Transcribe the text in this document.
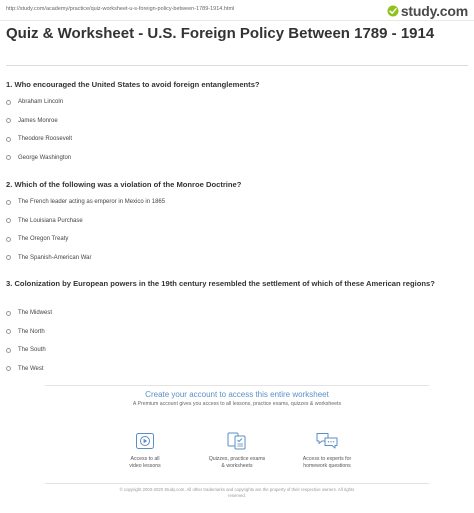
http://study.com/academy/practice/quiz-worksheet-u-s-foreign-policy-between-1789-1914.html	study.com
Quiz & Worksheet - U.S. Foreign Policy Between 1789 - 1914
1. Who encouraged the United States to avoid foreign entanglements?
Abraham Lincoln
James Monroe
Theodore Roosevelt
George Washington
2. Which of the following was a violation of the Monroe Doctrine?
The French leader acting as emperor in Mexico in 1865
The Louisiana Purchase
The Oregon Treaty
The Spanish-American War
3. Colonization by European powers in the 19th century resembled the settlement of which of these American regions?
The Midwest
The North
The South
The West
Create your account to access this entire worksheet
A Premium account gives you access to all lessons, practice exams, quizzes & worksheets
Access to all
video lessons
Quizzes, practice exams
& worksheets
Access to experts for
homework questions
© copyright 2003-2020 Study.com. All other trademarks and copyrights are the property of their respective owners. All rights
reserved.
